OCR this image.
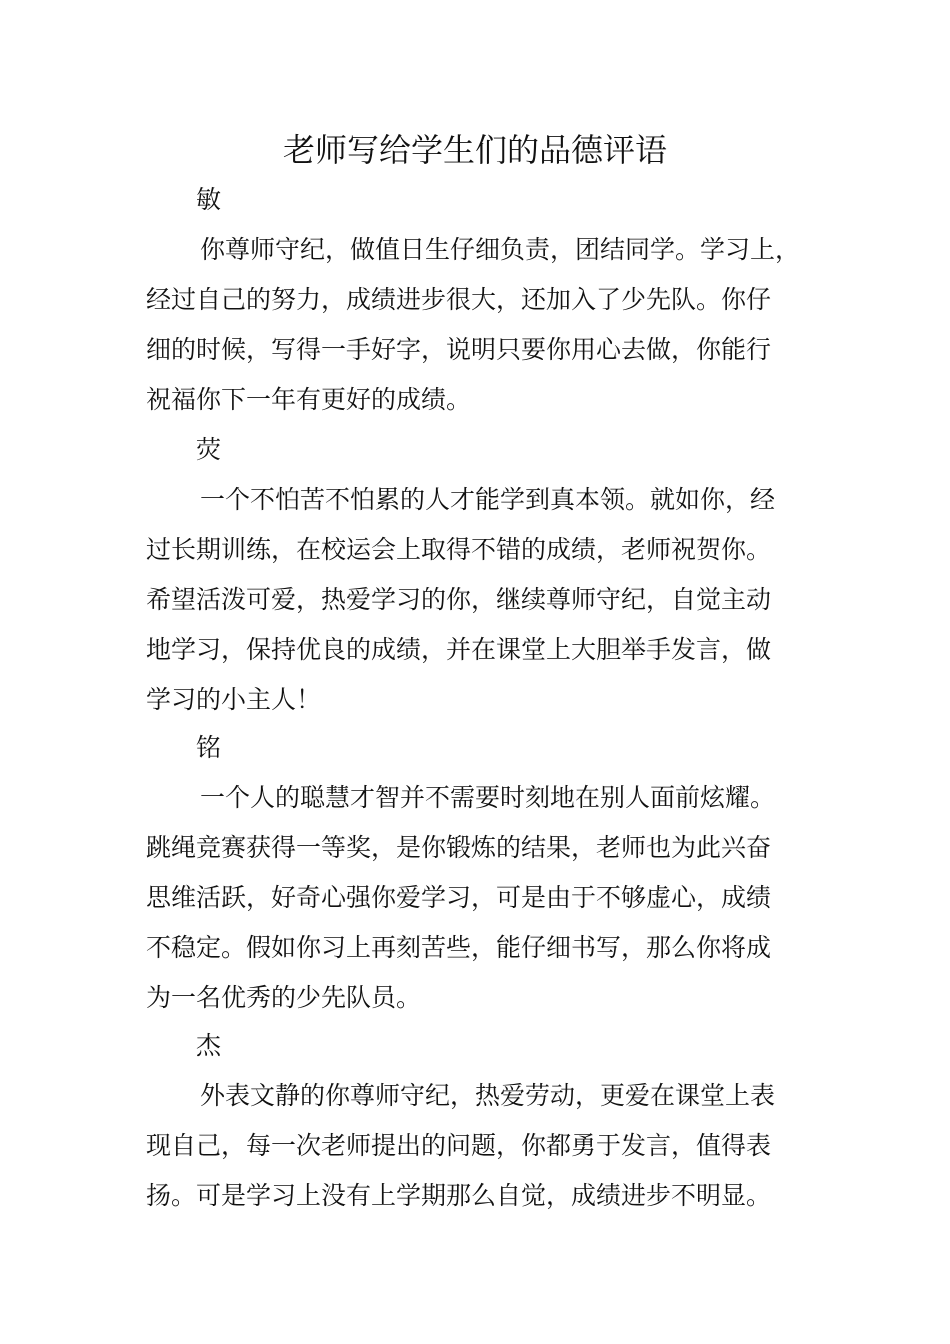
老师写给学生们的品德评语
敏
你尊师守纪，做值日生仔细负责，团结同学。学习上，
经过自己的努力，成绩进步很大，还加入了少先队。你仔
细的时候，写得一手好字，说明只要你用心去做，你能行
祝福你下一年有更好的成绩。
荧
一个不怕苦不怕累的人才能学到真本领。就如你，经
过长期训练，在校运会上取得不错的成绩，老师祝贺你。
希望活泼可爱，热爱学习的你，继续尊师守纪，自觉主动
地学习，保持优良的成绩，并在课堂上大胆举手发言，做
学习的小主人！
铭
一个人的聪慧才智并不需要时刻地在别人面前炫耀。
跳绳竞赛获得一等奖，是你锻炼的结果，老师也为此兴奋
思维活跃，好奇心强你爱学习，可是由于不够虚心，成绩
不稳定。假如你习上再刻苦些，能仔细书写，那么你将成
为一名优秀的少先队员。
杰
外表文静的你尊师守纪，热爱劳动，更爱在课堂上表
现自己，每一次老师提出的问题，你都勇于发言，值得表
扬。可是学习上没有上学期那么自觉，成绩进步不明显。
